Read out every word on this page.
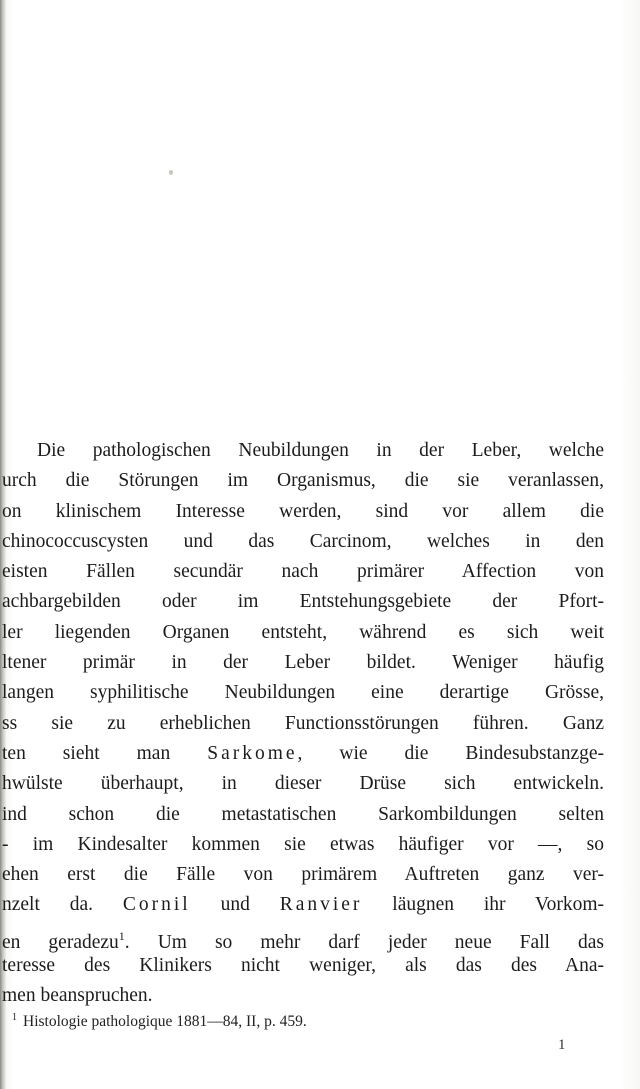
Die pathologischen Neubildungen in der Leber, welche
urch die Störungen im Organismus, die sie veranlassen,
on klinischem Interesse werden, sind vor allem die
chinococcuscysten und das Carcinom, welches in den
eisten Fällen secundär nach primärer Affection von
achbargebilden oder im Entstehungsgebiete der Pfort-
ler liegenden Organen entsteht, während es sich weit
ltener primär in der Leber bildet. Weniger häufig
langen syphilitische Neubildungen eine derartige Grösse,
ss sie zu erheblichen Functionsstörungen führen. Ganz
ten sieht man Sarkome, wie die Bindesubstanzge-
hwülste überhaupt, in dieser Drüse sich entwickeln.
ind schon die metastatischen Sarkombildungen selten
- im Kindesalter kommen sie etwas häufiger vor —, so
ehen erst die Fälle von primärem Auftreten ganz ver-
nzelt da. Cornil und Ranvier läugnen ihr Vorkom-
en geradezu$^1$. Um so mehr darf jeder neue Fall das
teresse des Klinikers nicht weniger, als das des Ana-
men beanspruchen.
$^1$ Histologie pathologique 1881—84, II, p. 459.
1
